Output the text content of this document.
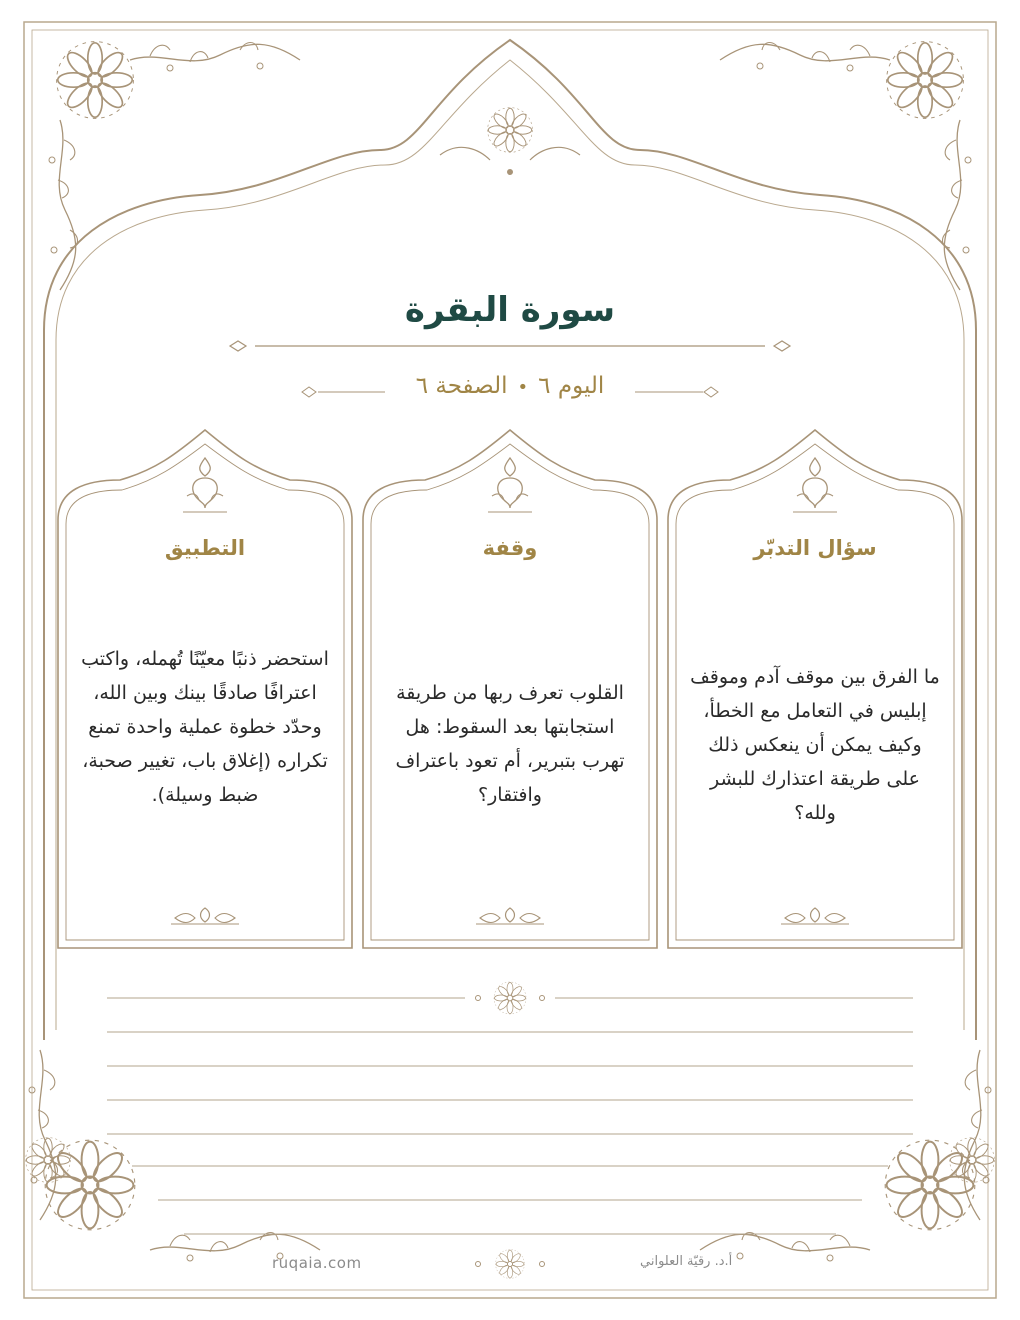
سورة البقرة
اليوم ٦•الصفحة ٦
سؤال التدبّر
ما الفرق بين موقف آدم وموقف إبليس في التعامل مع الخطأ، وكيف يمكن أن ينعكس ذلك على طريقة اعتذارك للبشر ولله؟
وقفة
القلوب تعرف ربها من طريقة استجابتها بعد السقوط: هل تهرب بتبرير، أم تعود باعتراف وافتقار؟
التطبيق
استحضر ذنبًا معيّنًا تُهمله، واكتب اعترافًا صادقًا بينك وبين الله، وحدّد خطوة عملية واحدة تمنع تكراره (إغلاق باب، تغيير صحبة، ضبط وسيلة).
ruqaia.com	أ.د. رقيّة العلواني
